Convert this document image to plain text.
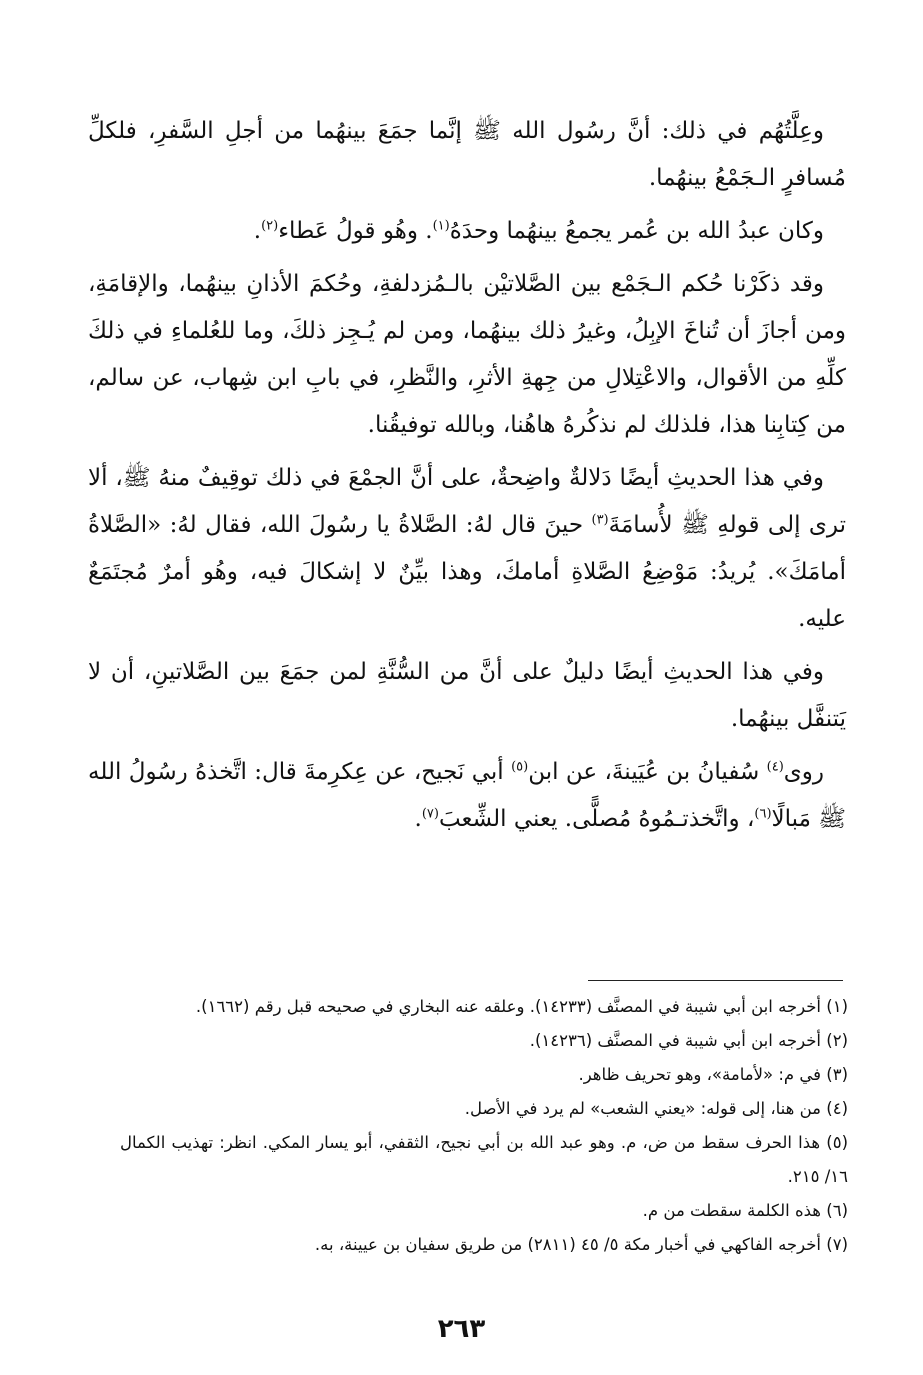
وعِلَّتُهُم في ذلك: أنَّ رسُول الله ﷺ إنَّما جمَعَ بينهُما من أجلِ السَّفرِ، فلكلِّ مُسافرٍ الـجَمْعُ بينهُما.

وكان عبدُ الله بن عُمر يجمعُ بينهُما وحدَهُ$^{(١)}$. وهُو قولُ عَطاء$^{(٢)}$.

وقد ذكَرْنا حُكم الـجَمْع بين الصَّلاتيْن بالـمُزدلفةِ، وحُكمَ الأذانِ بينهُما، والإقامَةِ، ومن أجازَ أن تُناخَ الإبِلُ، وغيرُ ذلك بينهُما، ومن لم يُـجِز ذلكَ، وما للعُلماءِ في ذلكَ كلِّهِ من الأقوال، والاعْتِلالِ من جِهةِ الأثرِ، والنَّظرِ، في بابِ ابن شِهاب، عن سالم، من كِتابِنا هذا، فلذلك لم نذكُرهُ هاهُنا، وبالله توفيقُنا.

وفي هذا الحديثِ أيضًا دَلالةٌ واضِحةٌ، على أنَّ الجمْعَ في ذلك توقِيفٌ منهُ ﷺ، ألا ترى إلى قولهِ ﷺ لأُسامَةَ$^{(٣)}$ حينَ قال لهُ: الصَّلاةُ يا رسُولَ الله، فقال لهُ: «الصَّلاةُ أمامَكَ». يُريدُ: مَوْضِعُ الصَّلاةِ أمامكَ، وهذا بيِّنٌ لا إشكالَ فيه، وهُو أمرٌ مُجتَمَعٌ عليه.

وفي هذا الحديثِ أيضًا دليلٌ على أنَّ من السُّنَّةِ لمن جمَعَ بين الصَّلاتينِ، أن لا يَتنفَّل بينهُما.

روى$^{(٤)}$ سُفيانُ بن عُيَينةَ، عن ابن$^{(٥)}$ أبي نَجيح، عن عِكرِمةَ قال: اتَّخذهُ رسُولُ الله ﷺ مَبالًا$^{(٦)}$، واتَّخذتـمُوهُ مُصلًّى. يعني الشِّعبَ$^{(٧)}$.

(١) أخرجه ابن أبي شيبة في المصنَّف (١٤٢٣٣). وعلقه عنه البخاري في صحيحه قبل رقم (١٦٦٢).

(٢) أخرجه ابن أبي شيبة في المصنَّف (١٤٢٣٦).

(٣) في م: «لأمامة»، وهو تحريف ظاهر.

(٤) من هنا، إلى قوله: «يعني الشعب» لم يرد في الأصل.

(٥) هذا الحرف سقط من ض، م. وهو عبد الله بن أبي نجيح، الثقفي، أبو يسار المكي. انظر: تهذيب الكمال ١٦/ ٢١٥.

(٦) هذه الكلمة سقطت من م.

(٧) أخرجه الفاكهي في أخبار مكة ٥/ ٤٥ (٢٨١١) من طريق سفيان بن عيينة، به.

٢٦٣
